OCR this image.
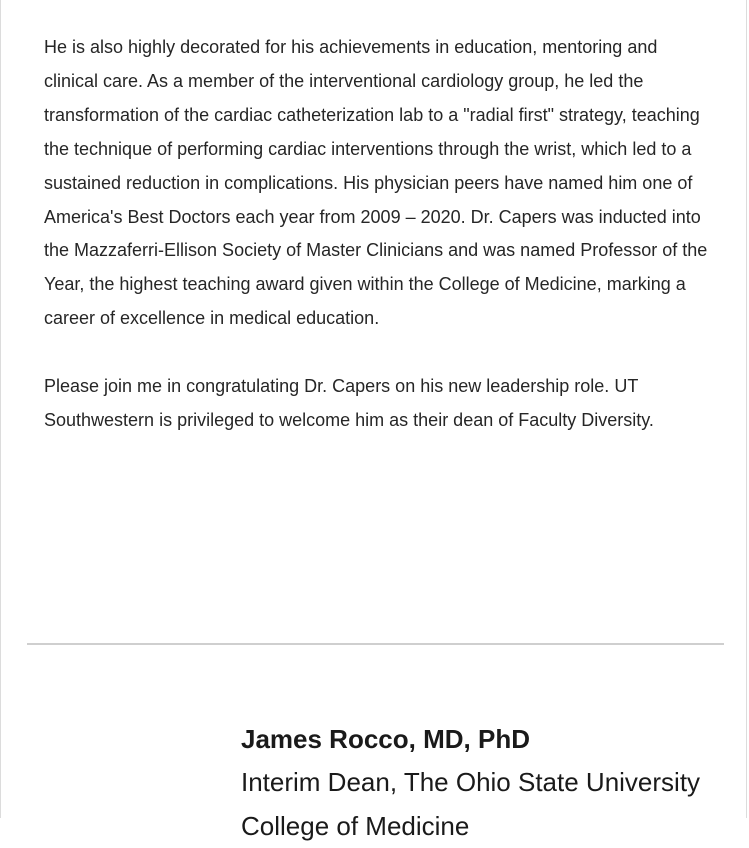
He is also highly decorated for his achievements in education, mentoring and clinical care. As a member of the interventional cardiology group, he led the transformation of the cardiac catheterization lab to a "radial first" strategy, teaching the technique of performing cardiac interventions through the wrist, which led to a sustained reduction in complications. His physician peers have named him one of America's Best Doctors each year from 2009 – 2020. Dr. Capers was inducted into the Mazzaferri-Ellison Society of Master Clinicians and was named Professor of the Year, the highest teaching award given within the College of Medicine, marking a career of excellence in medical education.

Please join me in congratulating Dr. Capers on his new leadership role. UT Southwestern is privileged to welcome him as their dean of Faculty Diversity.

James Rocco, MD, PhD

Interim Dean, The Ohio State University College of Medicine
